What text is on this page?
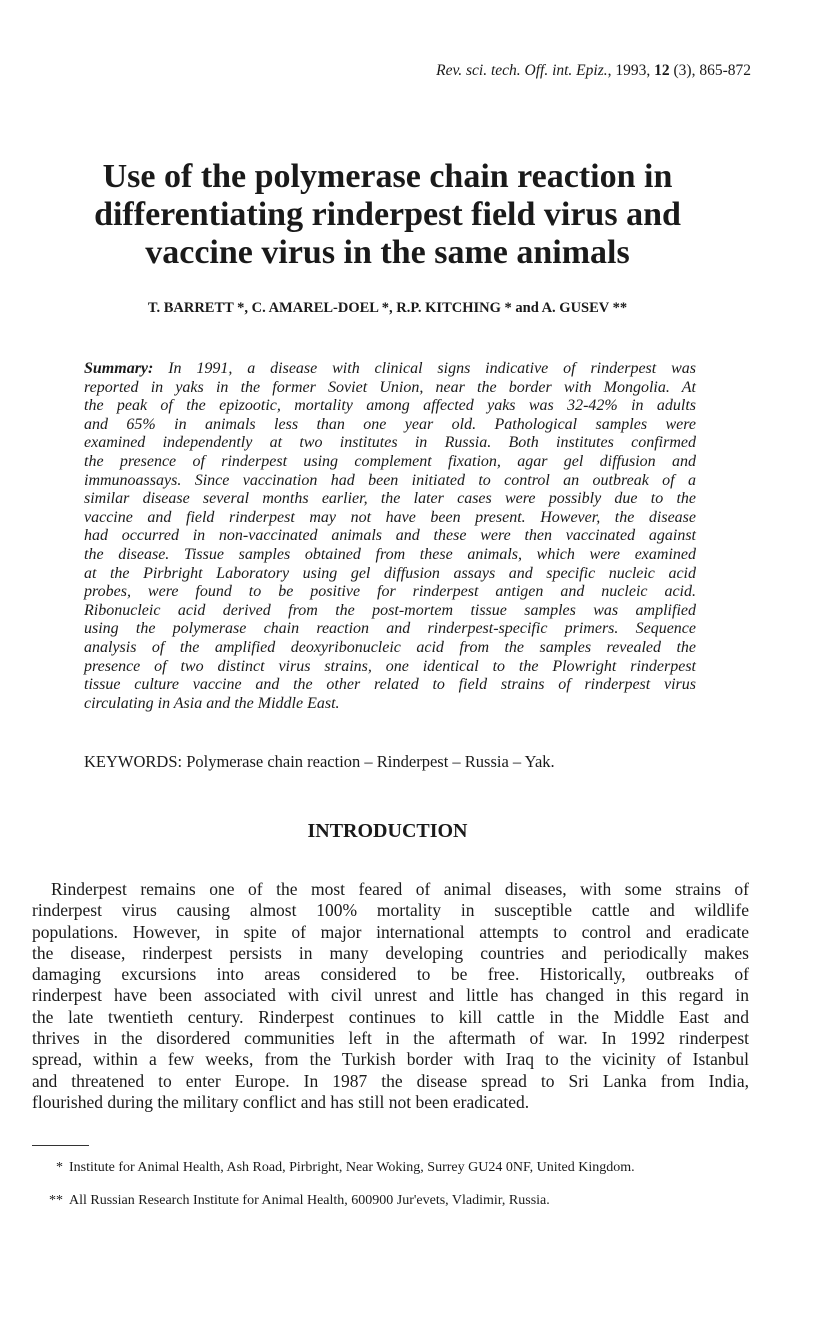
Rev. sci. tech. Off. int. Epiz., 1993, 12 (3), 865-872
Use of the polymerase chain reaction in
differentiating rinderpest field virus and
vaccine virus in the same animals
T. BARRETT *, C. AMAREL-DOEL *, R.P. KITCHING * and A. GUSEV **
Summary: In 1991, a disease with clinical signs indicative of rinderpest was
reported in yaks in the former Soviet Union, near the border with Mongolia. At
the peak of the epizootic, mortality among affected yaks was 32-42% in adults
and 65% in animals less than one year old. Pathological samples were
examined independently at two institutes in Russia. Both institutes confirmed
the presence of rinderpest using complement fixation, agar gel diffusion and
immunoassays. Since vaccination had been initiated to control an outbreak of a
similar disease several months earlier, the later cases were possibly due to the
vaccine and field rinderpest may not have been present. However, the disease
had occurred in non-vaccinated animals and these were then vaccinated against
the disease. Tissue samples obtained from these animals, which were examined
at the Pirbright Laboratory using gel diffusion assays and specific nucleic acid
probes, were found to be positive for rinderpest antigen and nucleic acid.
Ribonucleic acid derived from the post-mortem tissue samples was amplified
using the polymerase chain reaction and rinderpest-specific primers. Sequence
analysis of the amplified deoxyribonucleic acid from the samples revealed the
presence of two distinct virus strains, one identical to the Plowright rinderpest
tissue culture vaccine and the other related to field strains of rinderpest virus
circulating in Asia and the Middle East.
KEYWORDS: Polymerase chain reaction – Rinderpest – Russia – Yak.
INTRODUCTION
Rinderpest remains one of the most feared of animal diseases, with some strains of
rinderpest virus causing almost 100% mortality in susceptible cattle and wildlife
populations. However, in spite of major international attempts to control and eradicate
the disease, rinderpest persists in many developing countries and periodically makes
damaging excursions into areas considered to be free. Historically, outbreaks of
rinderpest have been associated with civil unrest and little has changed in this regard in
the late twentieth century. Rinderpest continues to kill cattle in the Middle East and
thrives in the disordered communities left in the aftermath of war. In 1992 rinderpest
spread, within a few weeks, from the Turkish border with Iraq to the vicinity of Istanbul
and threatened to enter Europe. In 1987 the disease spread to Sri Lanka from India,
flourished during the military conflict and has still not been eradicated.
* Institute for Animal Health, Ash Road, Pirbright, Near Woking, Surrey GU24 0NF, United Kingdom.
** All Russian Research Institute for Animal Health, 600900 Jur'evets, Vladimir, Russia.
